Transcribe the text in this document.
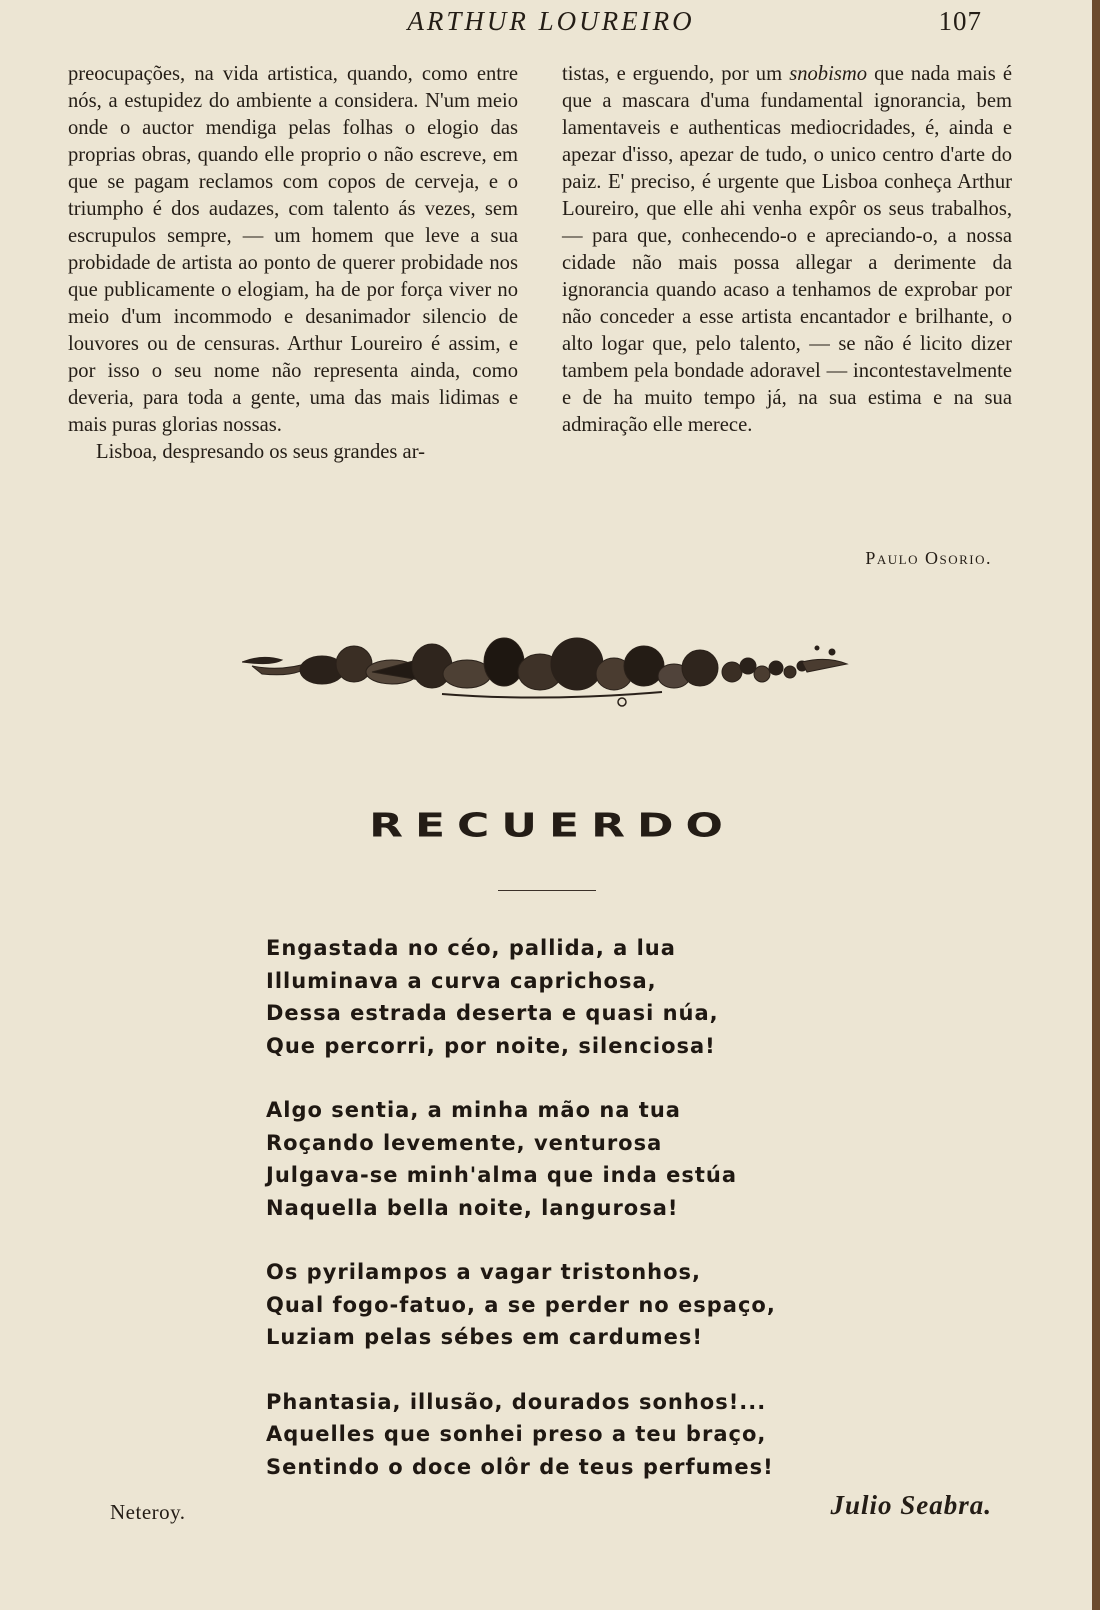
ARTHUR LOUREIRO	107

preocupações, na vida artistica, quando, como entre nós, a estupidez do ambiente a considera. N'um meio onde o auctor mendiga pelas folhas o elogio das proprias obras, quando elle proprio o não escreve, em que se pagam reclamos com copos de cerveja, e o triumpho é dos audazes, com talento ás vezes, sem escrupulos sempre, — um homem que leve a sua probidade de artista ao ponto de querer probidade nos que publicamente o elogiam, ha de por força viver no meio d'um incommodo e desanimador silencio de louvores ou de censuras. Arthur Loureiro é assim, e por isso o seu nome não representa ainda, como deveria, para toda a gente, uma das mais lidimas e mais puras glorias nossas.

Lisboa, despresando os seus grandes ar-

tistas, e erguendo, por um snobismo que nada mais é que a mascara d'uma fundamental ignorancia, bem lamentaveis e authenticas mediocridades, é, ainda e apezar d'isso, apezar de tudo, o unico centro d'arte do paiz. E' preciso, é urgente que Lisboa conheça Arthur Loureiro, que elle ahi venha expôr os seus trabalhos, — para que, conhecendo-o e apreciando-o, a nossa cidade não mais possa allegar a derimente da ignorancia quando acaso a tenhamos de exprobar por não conceder a esse artista encantador e brilhante, o alto logar que, pelo talento, — se não é licito dizer tambem pela bondade adoravel — incontestavelmente e de ha muito tempo já, na sua estima e na sua admiração elle merece.

Paulo Osorio.
RECUERDO
Engastada no céo, pallida, a lua
Illuminava a curva caprichosa,
Dessa estrada deserta e quasi núa,
Que percorri, por noite, silenciosa!
Algo sentia, a minha mão na tua
Roçando levemente, venturosa
Julgava-se minh'alma que inda estúa
Naquella bella noite, langurosa!
Os pyrilampos a vagar tristonhos,
Qual fogo-fatuo, a se perder no espaço,
Luziam pelas sébes em cardumes!
Phantasia, illusão, dourados sonhos!...
Aquelles que sonhei preso a teu braço,
Sentindo o doce olôr de teus perfumes!
Neteroy.	Julio Seabra.
